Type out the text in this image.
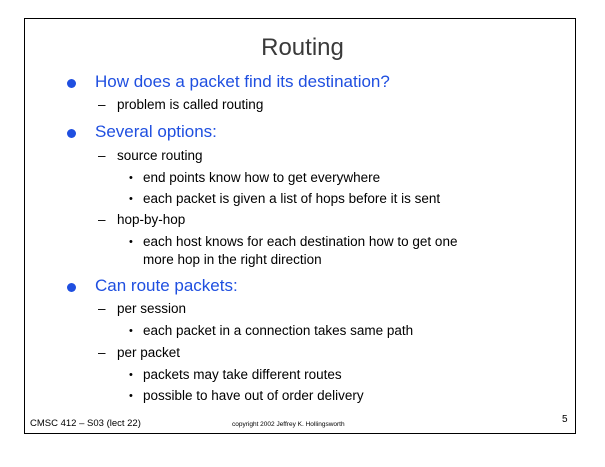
Routing
How does a packet find its destination?
– problem is called routing
Several options:
– source routing
• end points know how to get everywhere
• each packet is given a list of hops before it is sent
– hop-by-hop
• each host knows for each destination how to get one
more hop in the right direction
Can route packets:
– per session
• each packet in a connection takes same path
– per packet
• packets may take different routes
• possible to have out of order delivery
CMSC 412 – S03 (lect 22)	copyright 2002 Jeffrey K. Hollingsworth	5
